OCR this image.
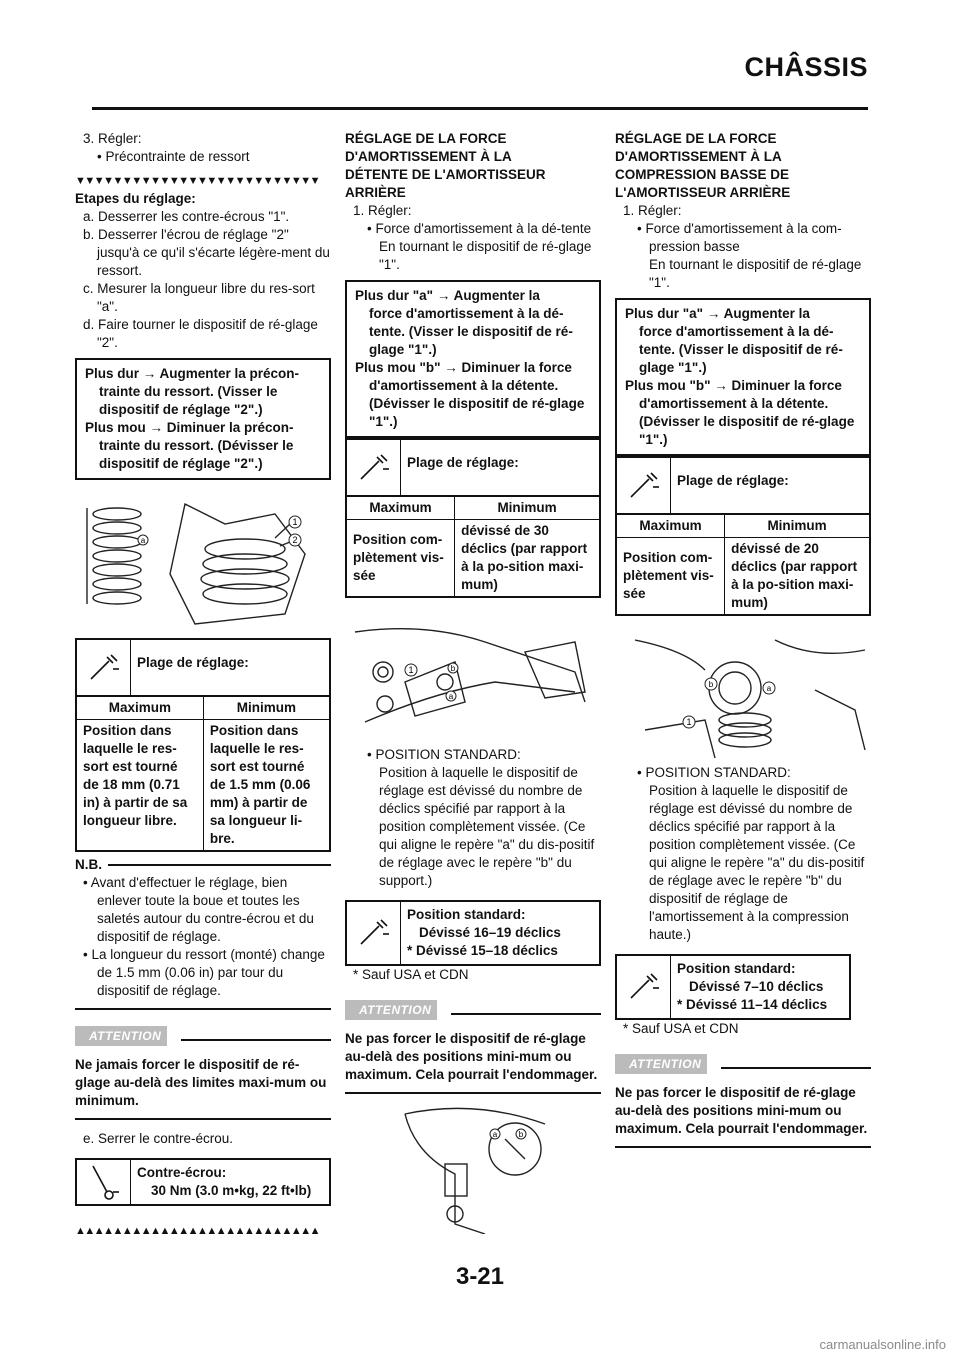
CHÂSSIS

3. Régler:

• Précontrainte de ressort

▼▼▼▼▼▼▼▼▼▼▼▼▼▼▼▼▼▼▼▼▼▼▼▼▼▼

Etapes du réglage:

a. Desserrer les contre-écrous "1".

b. Desserrer l'écrou de réglage "2" jusqu'à ce qu'il s'écarte légère-ment du ressort.

c. Mesurer la longueur libre du res-sort "a".

d. Faire tourner le dispositif de ré-glage "2".

Plus dur → Augmenter la précon-
trainte du ressort. (Visser le dispositif de réglage "2".)
Plus mou → Diminuer la précon-
trainte du ressort. (Dévisser le dispositif de réglage "2".)
a
1
2
Plage de réglage:
Maximum	Minimum
Position dans laquelle le res-sort est tourné de 18 mm (0.71 in) à partir de sa longueur libre.	Position dans laquelle le res-sort est tourné de 1.5 mm (0.06 mm) à partir de sa longueur li-bre.
N.B.

• Avant d'effectuer le réglage, bien enlever toute la boue et toutes les saletés autour du contre-écrou et du dispositif de réglage.

• La longueur du ressort (monté) change de 1.5 mm (0.06 in) par tour du dispositif de réglage.

ATTENTION

Ne jamais forcer le dispositif de ré-glage au-delà des limites maxi-mum ou minimum.

e. Serrer le contre-écrou.

Contre-écrou:
30 Nm (3.0 m•kg, 22 ft•lb)
▲▲▲▲▲▲▲▲▲▲▲▲▲▲▲▲▲▲▲▲▲▲▲▲▲▲

RÉGLAGE DE LA FORCE D'AMORTISSEMENT À LA DÉTENTE DE L'AMORTISSEUR ARRIÈRE

1. Régler:

• Force d'amortissement à la dé-tente

En tournant le dispositif de ré-glage "1".

Plus dur "a" → Augmenter la
force d'amortissement à la dé-tente. (Visser le dispositif de ré-glage "1".)
Plus mou "b" → Diminuer la force
d'amortissement à la détente. (Dévisser le dispositif de ré-glage "1".)
Plage de réglage:
Maximum	Minimum
Position com-plètement vis-sée	dévissé de 30 déclics (par rapport à la po-sition maxi-mum)
1	b
a

• POSITION STANDARD:

Position à laquelle le dispositif de réglage est dévissé du nombre de déclics spécifié par rapport à la position complètement vissée. (Ce qui aligne le repère "a" du dis-positif de réglage avec le repère "b" du support.)

Position standard:
Dévissé 16–19 déclics
* Dévissé 15–18 déclics

* Sauf USA et CDN

ATTENTION

Ne pas forcer le dispositif de ré-glage au-delà des positions mini-mum ou maximum. Cela pourrait l'endommager.

a	b

RÉGLAGE DE LA FORCE D'AMORTISSEMENT À LA COMPRESSION BASSE DE L'AMORTISSEUR ARRIÈRE

1. Régler:

• Force d'amortissement à la com-pression basse

En tournant le dispositif de ré-glage "1".

Plus dur "a" → Augmenter la
force d'amortissement à la dé-tente. (Visser le dispositif de ré-glage "1".)
Plus mou "b" → Diminuer la force
d'amortissement à la détente. (Dévisser le dispositif de ré-glage "1".)
Plage de réglage:
Maximum	Minimum
Position com-plètement vis-sée	dévissé de 20 déclics (par rapport à la po-sition maxi-mum)
b	a
1

• POSITION STANDARD:

Position à laquelle le dispositif de réglage est dévissé du nombre de déclics spécifié par rapport à la position complètement vissée. (Ce qui aligne le repère "a" du dis-positif de réglage avec le repère "b" du dispositif de réglage de l'amortissement à la compression haute.)

Position standard:
Dévissé 7–10 déclics
* Dévissé 11–14 déclics

* Sauf USA et CDN

ATTENTION

Ne pas forcer le dispositif de ré-glage au-delà des positions mini-mum ou maximum. Cela pourrait l'endommager.

3-21
carmanualsonline.info
